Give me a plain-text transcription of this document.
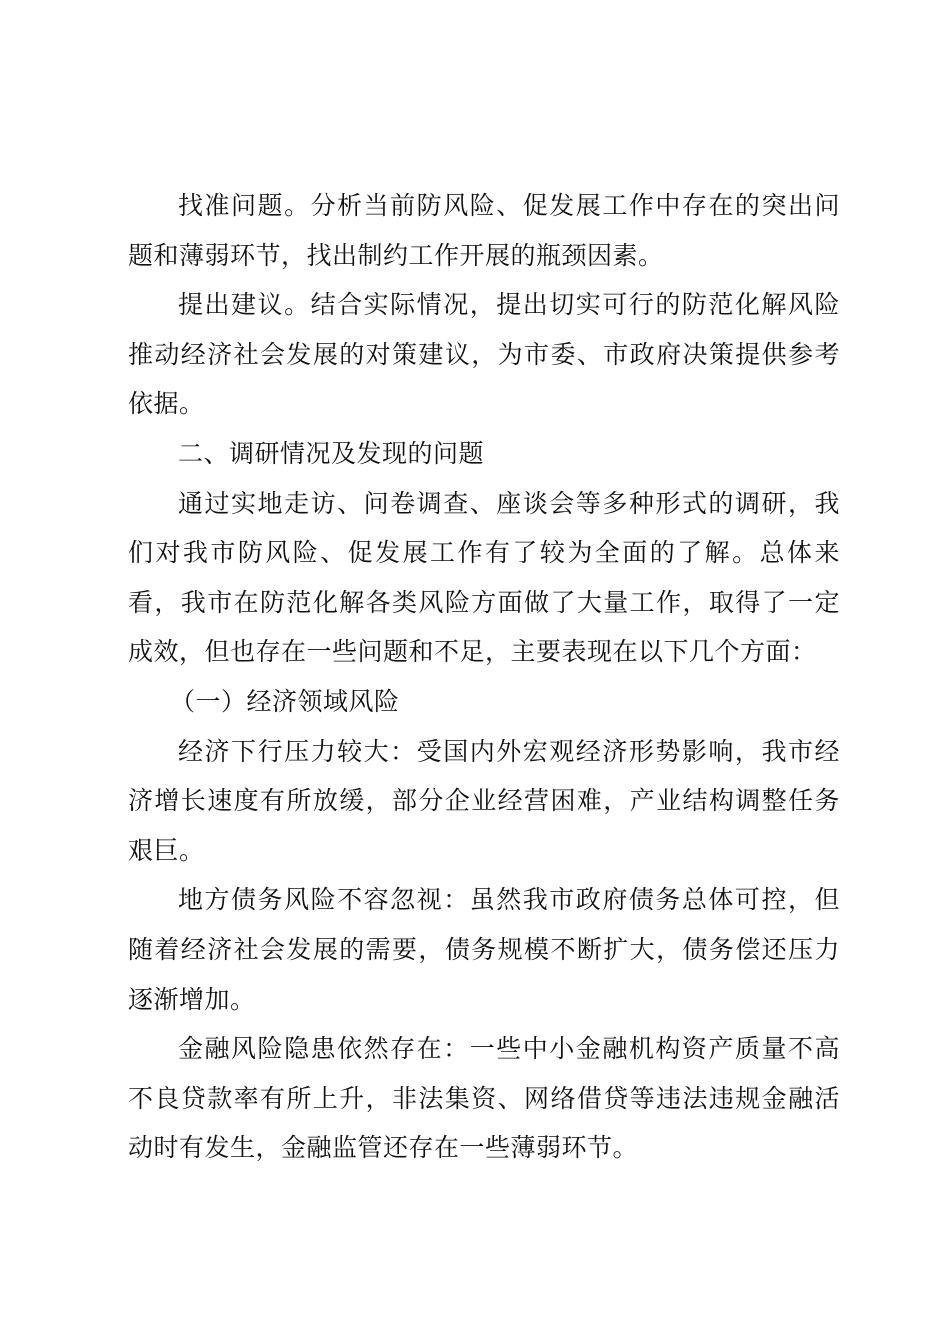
找准问题。分析当前防风险、促发展工作中存在的突出问题和薄弱环节，找出制约工作开展的瓶颈因素。

提出建议。结合实际情况，提出切实可行的防范化解风险推动经济社会发展的对策建议，为市委、市政府决策提供参考依据。

二、调研情况及发现的问题

通过实地走访、问卷调查、座谈会等多种形式的调研，我们对我市防风险、促发展工作有了较为全面的了解。总体来看，我市在防范化解各类风险方面做了大量工作，取得了一定成效，但也存在一些问题和不足，主要表现在以下几个方面：

（一）经济领域风险

经济下行压力较大：受国内外宏观经济形势影响，我市经济增长速度有所放缓，部分企业经营困难，产业结构调整任务艰巨。

地方债务风险不容忽视：虽然我市政府债务总体可控，但随着经济社会发展的需要，债务规模不断扩大，债务偿还压力逐渐增加。

金融风险隐患依然存在：一些中小金融机构资产质量不高不良贷款率有所上升，非法集资、网络借贷等违法违规金融活动时有发生，金融监管还存在一些薄弱环节。
